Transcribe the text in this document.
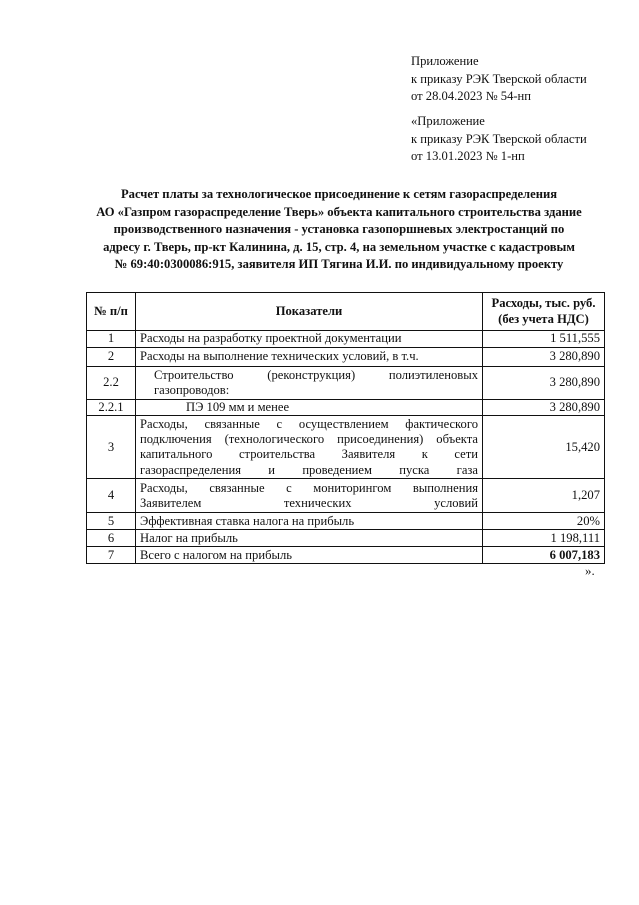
Приложение
к приказу РЭК Тверской области
от 28.04.2023 № 54-нп
«Приложение
к приказу РЭК Тверской области
от 13.01.2023 № 1-нп
Расчет платы за технологическое присоединение к сетям газораспределения
АО «Газпром газораспределение Тверь» объекта капитального строительства здание
производственного назначения - установка газопоршневых электростанций по
адресу г. Тверь, пр-кт Калинина, д. 15, стр. 4, на земельном участке с кадастровым
№ 69:40:0300086:915, заявителя ИП Тягина И.И. по индивидуальному проекту
№ п/п	Показатели	Расходы, тыс. руб.
(без учета НДС)

1	Расходы на разработку проектной документации	1 511,555
2	Расходы на выполнение технических условий, в т.ч.	3 280,890
2.2	Строительство (реконструкция) полиэтиленовых
газопроводов:	3 280,890
2.2.1	ПЭ 109 мм и менее	3 280,890
3	Расходы, связанные с осуществлением фактического
подключения (технологического присоединения) объекта
капитального строительства Заявителя к сети
газораспределения и проведением пуска газа	15,420
4	Расходы, связанные с мониторингом выполнения
Заявителем технических условий	1,207
5	Эффективная ставка налога на прибыль	20%
6	Налог на прибыль	1 198,111
7	Всего с налогом на прибыль	6 007,183
».
